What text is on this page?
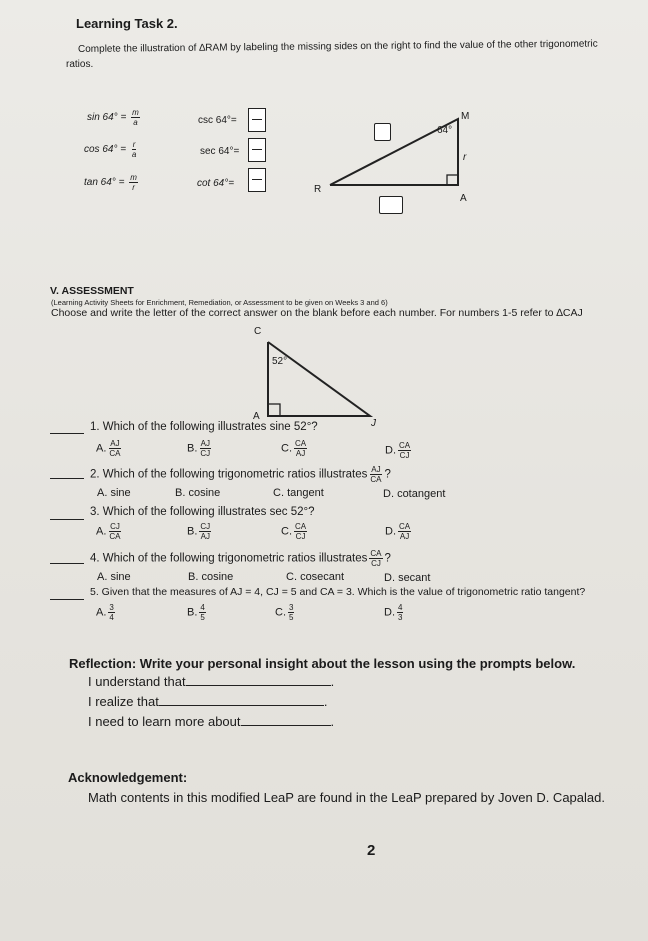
Learning Task 2.
Complete the illustration of ∆RAM by labeling the missing sides on the right to find the value of the other trigonometric
ratios.
$\sin 64^\circ = \frac{m}{a}$
$\cos 64^\circ = \frac{r}{a}$
$\tan 64^\circ = \frac{m}{r}$
csc 64°=
sec 64°=
cot 64°=
M
R
A
64°
r
V. ASSESSMENT
(Learning Activity Sheets for Enrichment, Remediation, or Assessment to be given on Weeks 3 and 6)
Choose and write the letter of the correct answer on the blank before each number. For numbers 1-5 refer to ∆CAJ
C
A
J
52°
1. Which of the following illustrates sine 52°?
A. $\frac{AJ}{CA}$	B. $\frac{AJ}{CJ}$	C. $\frac{CA}{AJ}$	D. $\frac{CA}{CJ}$
2. Which of the following trigonometric ratios illustrates $\frac{AJ}{CA}$ ?
A. sine	B. cosine	C. tangent	D. cotangent
3. Which of the following illustrates sec 52°?
A. $\frac{CJ}{CA}$	B. $\frac{CJ}{AJ}$	C. $\frac{CA}{CJ}$	D. $\frac{CA}{AJ}$
4. Which of the following trigonometric ratios illustrates $\frac{CA}{CJ}$ ?
A. sine	B. cosine	C. cosecant	D. secant
5. Given that the measures of AJ = 4, CJ = 5 and CA = 3. Which is the value of trigonometric ratio tangent?
A. $\frac{3}{4}$	B. $\frac{4}{5}$	C. $\frac{3}{5}$	D. $\frac{4}{3}$
Reflection: Write your personal insight about the lesson using the prompts below.
I understand that	.
I realize that	.
I need to learn more about	.
Acknowledgement:
Math contents in this modified LeaP are found in the LeaP prepared by Joven D. Capalad.
2
